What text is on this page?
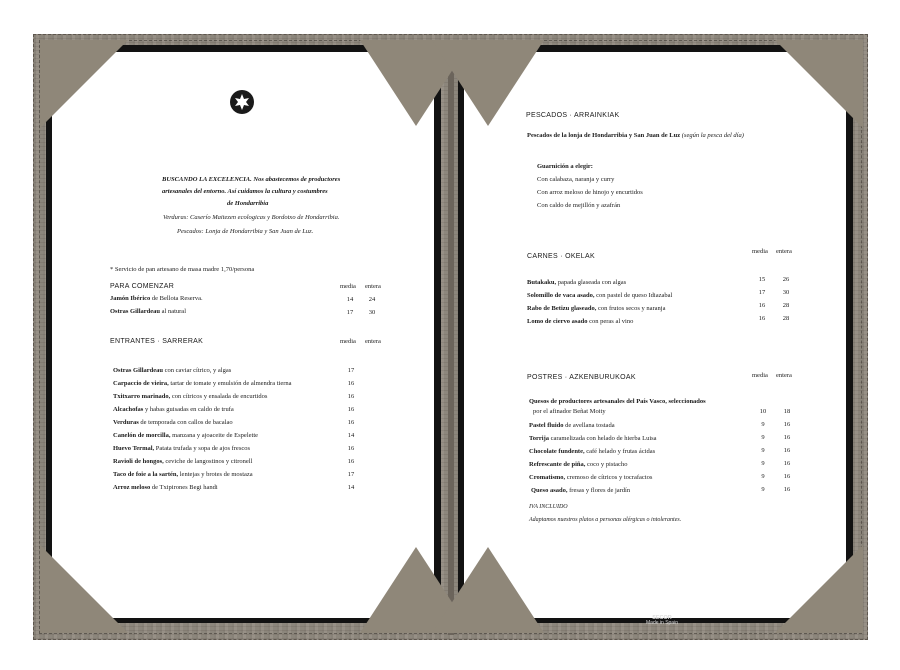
BUSCANDO LA EXCELENCIA. Nos abastecemos de productores
artesanales del entorno. Así cuidamos la cultura y costumbres
de Hondarribia
Verduras: Caserío Maitezen ecologicas y Bordotxo de Hondarribia.
Pescados: Lonja de Hondarribia y San Juan de Luz.
* Servicio de pan artesano de masa madre 1,70/persona
PARA COMENZAR	media entera
Jamón Ibérico de Bellota Reserva.	14	24
Ostras Gillardeau al natural	17	30
ENTRANTES · SARRERAK	media entera
Ostras Gillardeau con caviar cítrico, y algas	17
Carpaccio de vieira, tartar de tomate y emulsión de almendra tierna	16
Txitxarro marinado, con cítricos y ensalada de encurtidos	16
Alcachofas y habas guisadas en caldo de trufa	16
Verduras de temporada con callos de bacalao	16
Canelón de morcilla, manzana y ajoaceite de Espelette	14
Huevo Termal, Patata trufada y sopa de ajos frescos	16
Ravioli de hongos, ceviche de langostinos y citronell	16
Taco de foie a la sartén, lentejas y brotes de mostaza	17
Arroz meloso de Txipirones Begi handi	14
PESCADOS · ARRAINKIAK
Pescados de la lonja de Hondarribia y San Juan de Luz (según la pesca del día)
Guarnición a elegir:
Con calabaza, naranja y curry
Con arroz meloso de hinojo y encurtidos
Con caldo de mejillón y azafrán
media entera
CARNES · OKELAK
Butakaku, papada glaseada con algas	15	26
Solomillo de vaca asado, con pastel de queso Idiazabal	17	30
Rabo de Betizu glaseado, con frutos secos y naranja	16	28
Lomo de ciervo asado con peras al vino	16	28
POSTRES · AZKENBURUKOAK	media entera
Quesos de productores artesanales del País Vasco, seleccionados
por el afinador Beñat Moity	10	18
Pastel fluido de avellana tostada	9	16
Torrija caramelizada con helado de hierba Luisa	9	16
Chocolate fundente, café helado y frutas ácidas	9	16
Refrescante de piña, coco y pistacho	9	16
Cromatismo, cremoso de cítricos y tocrafactos	9	16
Queso asado, fresas y flores de jardín	9	16
IVA INCLUIDO
Adaptamos nuestros platos a personas alérgicas o intolerantes.
SECOR
Made in Spain
